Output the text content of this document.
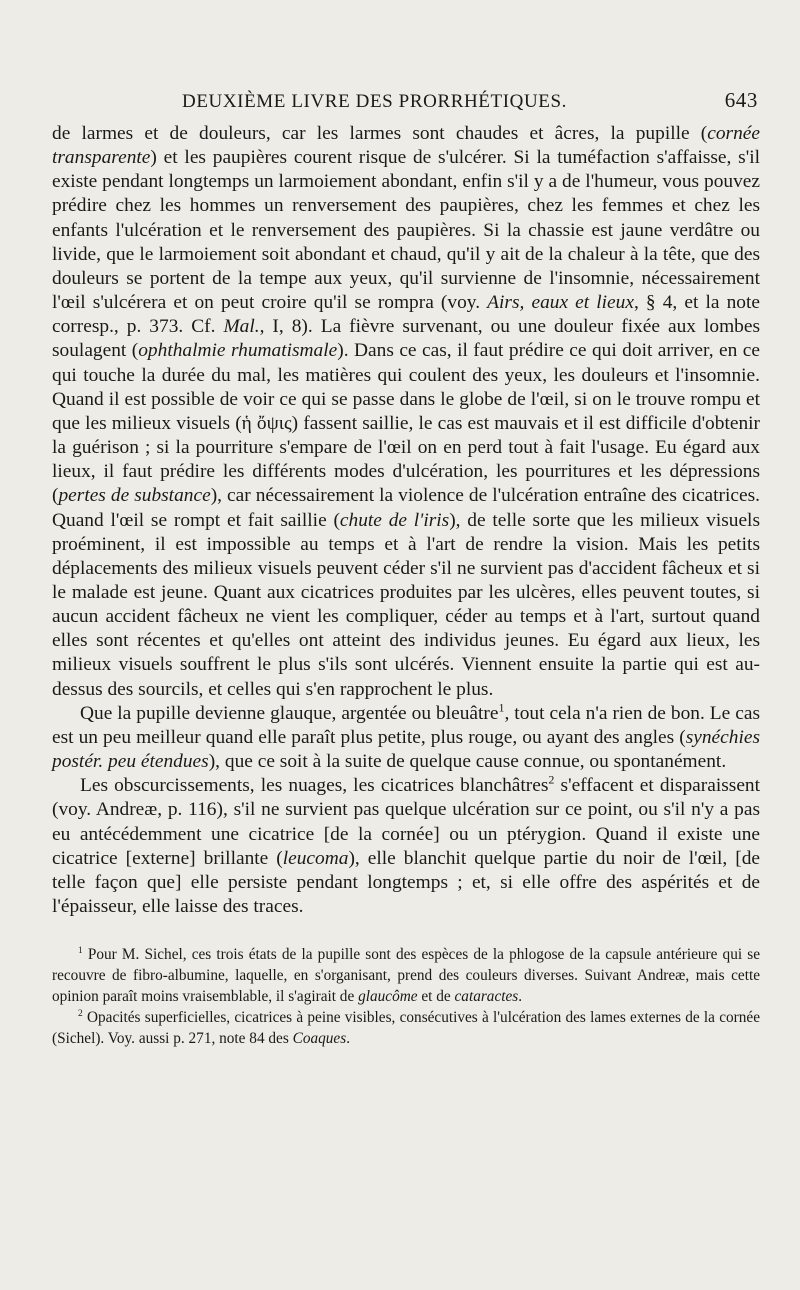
DEUXIÈME LIVRE DES PRORRHÉTIQUES.	643

de larmes et de douleurs, car les larmes sont chaudes et âcres, la pupille (cornée transparente) et les paupières courent risque de s'ulcérer. Si la tuméfaction s'affaisse, s'il existe pendant longtemps un larmoiement abondant, enfin s'il y a de l'humeur, vous pouvez prédire chez les hommes un renversement des paupières, chez les femmes et chez les enfants l'ulcération et le renversement des paupières. Si la chassie est jaune verdâtre ou livide, que le larmoiement soit abondant et chaud, qu'il y ait de la chaleur à la tête, que des douleurs se portent de la tempe aux yeux, qu'il survienne de l'insomnie, nécessairement l'œil s'ulcérera et on peut croire qu'il se rompra (voy. Airs, eaux et lieux, § 4, et la note corresp., p. 373. Cf. Mal., I, 8). La fièvre survenant, ou une douleur fixée aux lombes soulagent (ophthalmie rhumatismale). Dans ce cas, il faut prédire ce qui doit arriver, en ce qui touche la durée du mal, les matières qui coulent des yeux, les douleurs et l'insomnie. Quand il est possible de voir ce qui se passe dans le globe de l'œil, si on le trouve rompu et que les milieux visuels (ἡ ὄψις) fassent saillie, le cas est mauvais et il est difficile d'obtenir la guérison ; si la pourriture s'empare de l'œil on en perd tout à fait l'usage. Eu égard aux lieux, il faut prédire les différents modes d'ulcération, les pourritures et les dépressions (pertes de substance), car nécessairement la violence de l'ulcération entraîne des cicatrices. Quand l'œil se rompt et fait saillie (chute de l'iris), de telle sorte que les milieux visuels proéminent, il est impossible au temps et à l'art de rendre la vision. Mais les petits déplacements des milieux visuels peuvent céder s'il ne survient pas d'accident fâcheux et si le malade est jeune. Quant aux cicatrices produites par les ulcères, elles peuvent toutes, si aucun accident fâcheux ne vient les compliquer, céder au temps et à l'art, surtout quand elles sont récentes et qu'elles ont atteint des individus jeunes. Eu égard aux lieux, les milieux visuels souffrent le plus s'ils sont ulcérés. Viennent ensuite la partie qui est au-dessus des sourcils, et celles qui s'en rapprochent le plus.

Que la pupille devienne glauque, argentée ou bleuâtre$^1$, tout cela n'a rien de bon. Le cas est un peu meilleur quand elle paraît plus petite, plus rouge, ou ayant des angles (synéchies postér. peu étendues), que ce soit à la suite de quelque cause connue, ou spontanément.

Les obscurcissements, les nuages, les cicatrices blanchâtres$^2$ s'effacent et disparaissent (voy. Andreæ, p. 116), s'il ne survient pas quelque ulcération sur ce point, ou s'il n'y a pas eu antécédemment une cicatrice [de la cornée] ou un ptérygion. Quand il existe une cicatrice [externe] brillante (leucoma), elle blanchit quelque partie du noir de l'œil, [de telle façon que] elle persiste pendant longtemps ; et, si elle offre des aspérités et de l'épaisseur, elle laisse des traces.

$^1$ Pour M. Sichel, ces trois états de la pupille sont des espèces de la phlogose de la capsule antérieure qui se recouvre de fibro-albumine, laquelle, en s'organisant, prend des couleurs diverses. Suivant Andreæ, mais cette opinion paraît moins vraisemblable, il s'agirait de glaucôme et de cataractes.

$^2$ Opacités superficielles, cicatrices à peine visibles, consécutives à l'ulcération des lames externes de la cornée (Sichel). Voy. aussi p. 271, note 84 des Coaques.
